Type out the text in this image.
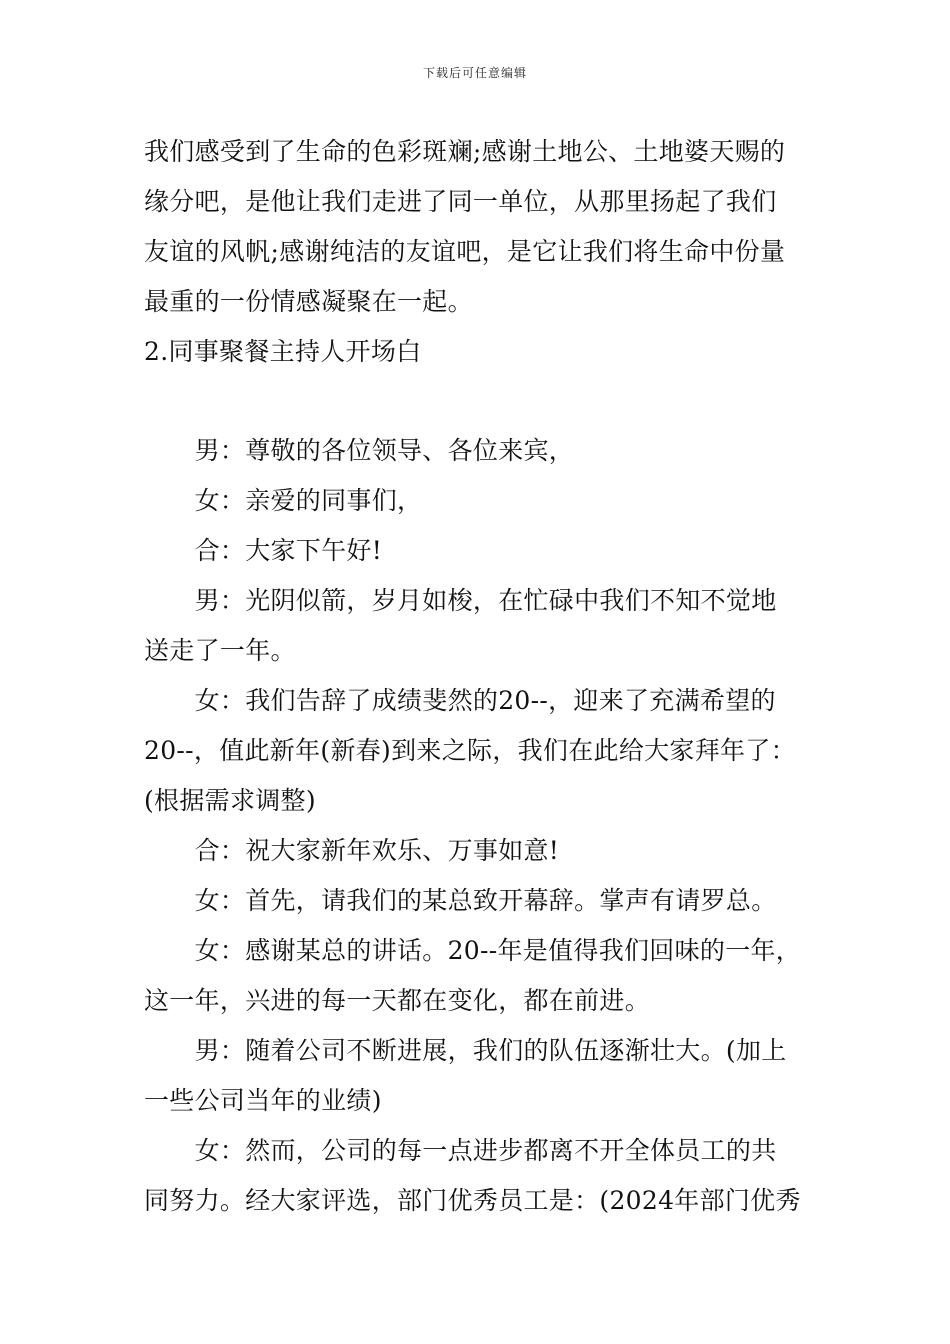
下载后可任意编辑
我们感受到了生命的色彩斑斓;感谢土地公、土地婆天赐的
缘分吧，是他让我们走进了同一单位，从那里扬起了我们
友谊的风帆;感谢纯洁的友谊吧，是它让我们将生命中份量
最重的一份情感凝聚在一起。
2.同事聚餐主持人开场白
　　男：尊敬的各位领导、各位来宾，
　　女：亲爱的同事们，
　　合：大家下午好!
　　男：光阴似箭，岁月如梭，在忙碌中我们不知不觉地
送走了一年。
　　女：我们告辞了成绩斐然的20--，迎来了充满希望的
20--，值此新年(新春)到来之际，我们在此给大家拜年了：
(根据需求调整)
　　合：祝大家新年欢乐、万事如意!
　　女：首先，请我们的某总致开幕辞。掌声有请罗总。
　　女：感谢某总的讲话。20--年是值得我们回味的一年，
这一年，兴进的每一天都在变化，都在前进。
　　男：随着公司不断进展，我们的队伍逐渐壮大。(加上
一些公司当年的业绩)
　　女：然而，公司的每一点进步都离不开全体员工的共
同努力。经大家评选，部门优秀员工是：(2024年部门优秀
